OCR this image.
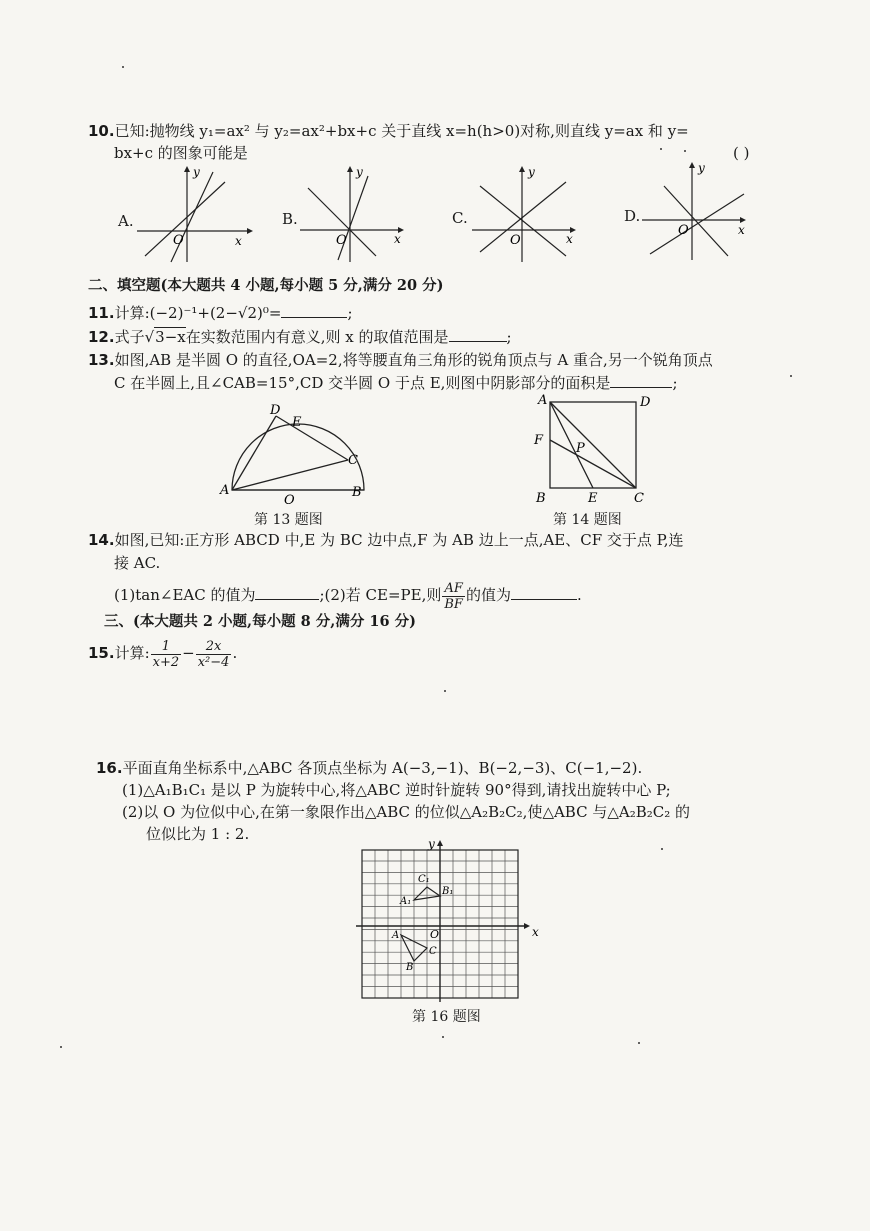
10.已知:抛物线 y₁=ax² 与 y₂=ax²+bx+c 关于直线 x=h(h>0)对称,则直线 y=ax 和 y=
bx+c 的图象可能是	( )
A.
y
x
O
B.
y
x
O
C.
y
x
O
D.
y
x
O
二、填空题(本大题共 4 小题,每小题 5 分,满分 20 分)
11.计算:(−2)⁻¹+(2−√2)⁰=	;
12.式子√3−x在实数范围内有意义,则 x 的取值范围是	;
13.如图,AB 是半圆 O 的直径,OA=2,将等腰直角三角形的锐角顶点与 A 重合,另一个锐角顶点
C 在半圆上,且∠CAB=15°,CD 交半圆 O 于点 E,则图中阴影部分的面积是	;
D
E
C
A
O
B
第 13 题图
A	D
F
P
B	E	C
第 14 题图
14.如图,已知:正方形 ABCD 中,E 为 BC 边中点,F 为 AB 边上一点,AE、CF 交于点 P,连
接 AC.
(1)tan∠EAC 的值为	;(2)若 CE=PE,则 $\frac{AF}{BF}$ 的值为	.
三、(本大题共 2 小题,每小题 8 分,满分 16 分)
15.计算: $\frac{1}{x+2} - \frac{2x}{\text{x²−4}}$ .
16.平面直角坐标系中,△ABC 各顶点坐标为 A(−3,−1)、B(−2,−3)、C(−1,−2).
(1)△A₁B₁C₁ 是以 P 为旋转中心,将△ABC 逆时针旋转 90°得到,请找出旋转中心 P;
(2)以 O 为位似中心,在第一象限作出△ABC 的位似△A₂B₂C₂,使△ABC 与△A₂B₂C₂ 的
位似比为 1 : 2.
x
y
O
A
B
C
A₁
B₁
C₁
第 16 题图
